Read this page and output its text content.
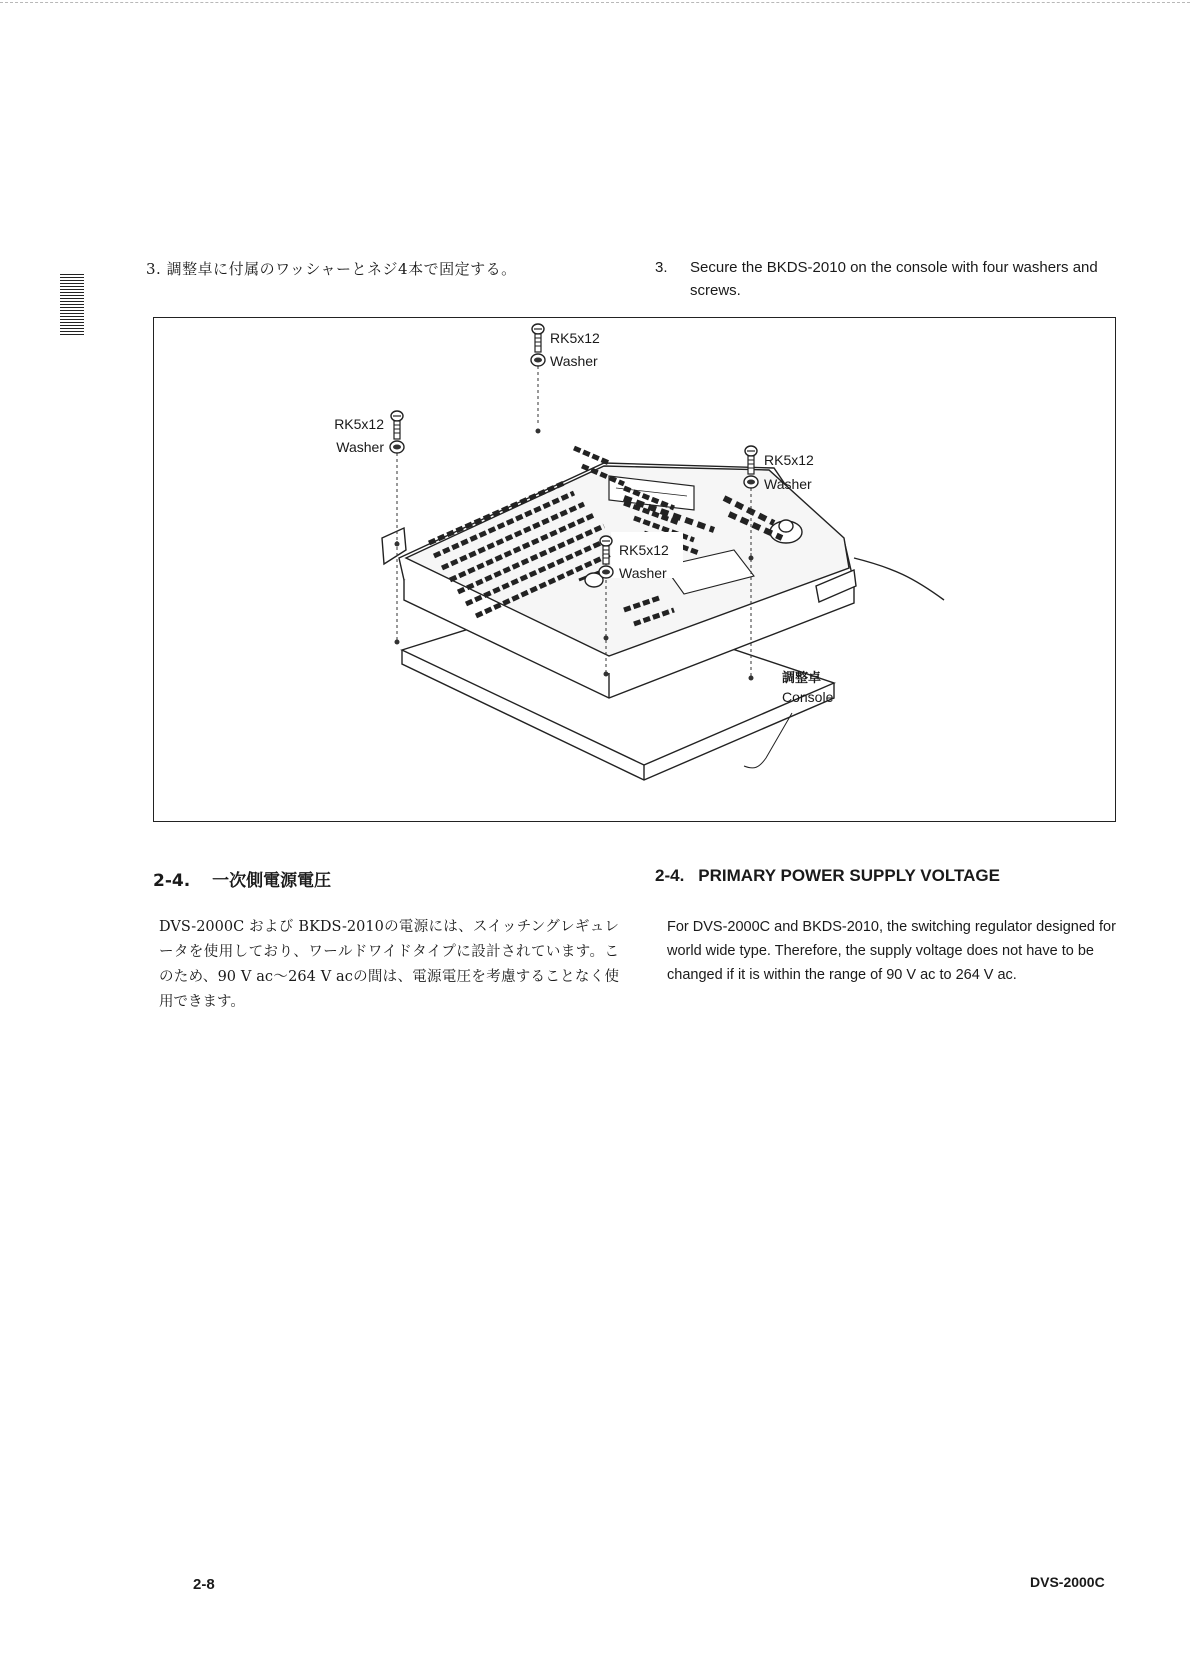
3. 調整卓に付属のワッシャーとネジ4本で固定する。	3.	Secure the BKDS-2010 on the console with four washers and screws.
RK5x12
Washer
RK5x12
Washer
RK5x12
Washer
RK5x12
Washer
調整卓
Console
2-4. 一次側電源電圧	2-4. PRIMARY POWER SUPPLY VOLTAGE
DVS-2000C および BKDS-2010の電源には、スイッチングレギュレータを使用しており、ワールドワイドタイプに設計されています。このため、90 V ac～264 V acの間は、電源電圧を考慮することなく使用できます。
For DVS-2000C and BKDS-2010, the switching regulator designed for world wide type. Therefore, the supply voltage does not have to be changed if it is within the range of 90 V ac to 264 V ac.
2-8	DVS-2000C
